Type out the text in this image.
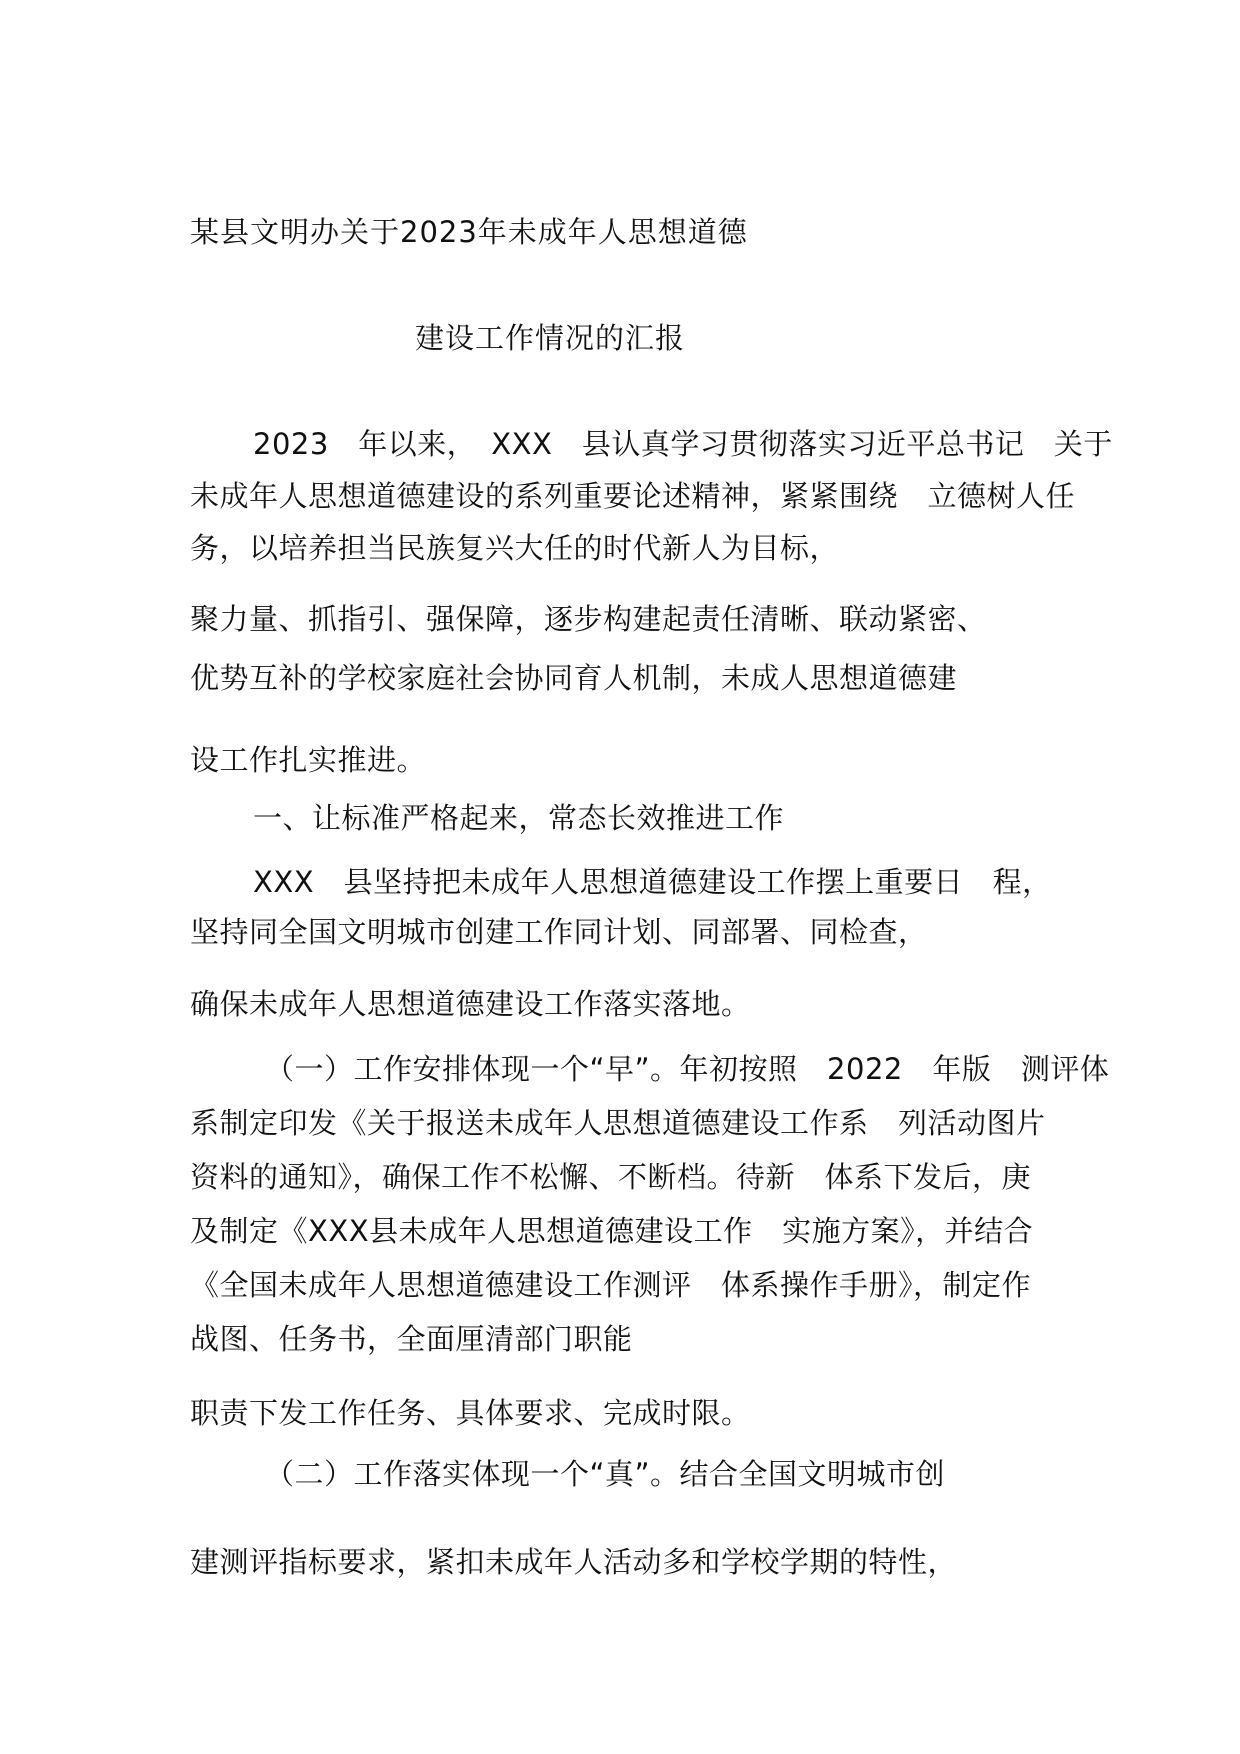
某县文明办关于2023年未成年人思想道德
建设工作情况的汇报
2023　年以来，　XXX　县认真学习贯彻落实习近平总书记　关于
未成年人思想道德建设的系列重要论述精神，紧紧围绕　立德树人任
务，以培养担当民族复兴大任的时代新人为目标，
聚力量、抓指引、强保障，逐步构建起责任清晰、联动紧密、
优势互补的学校家庭社会协同育人机制，未成人思想道德建
设工作扎实推进。
一、让标准严格起来，常态长效推进工作
XXX　县坚持把未成年人思想道德建设工作摆上重要日　程，
坚持同全国文明城市创建工作同计划、同部署、同检查，
确保未成年人思想道德建设工作落实落地。
（一）工作安排体现一个“早”。年初按照　2022　年版　测评体
系制定印发《关于报送未成年人思想道德建设工作系　列活动图片
资料的通知》，确保工作不松懈、不断档。待新　体系下发后，庚
及制定《XXX县未成年人思想道德建设工作　实施方案》，并结合
《全国未成年人思想道德建设工作测评　体系操作手册》，制定作
战图、任务书，全面厘清部门职能
职责下发工作任务、具体要求、完成时限。
（二）工作落实体现一个“真”。结合全国文明城市创
建测评指标要求，紧扣未成年人活动多和学校学期的特性，
